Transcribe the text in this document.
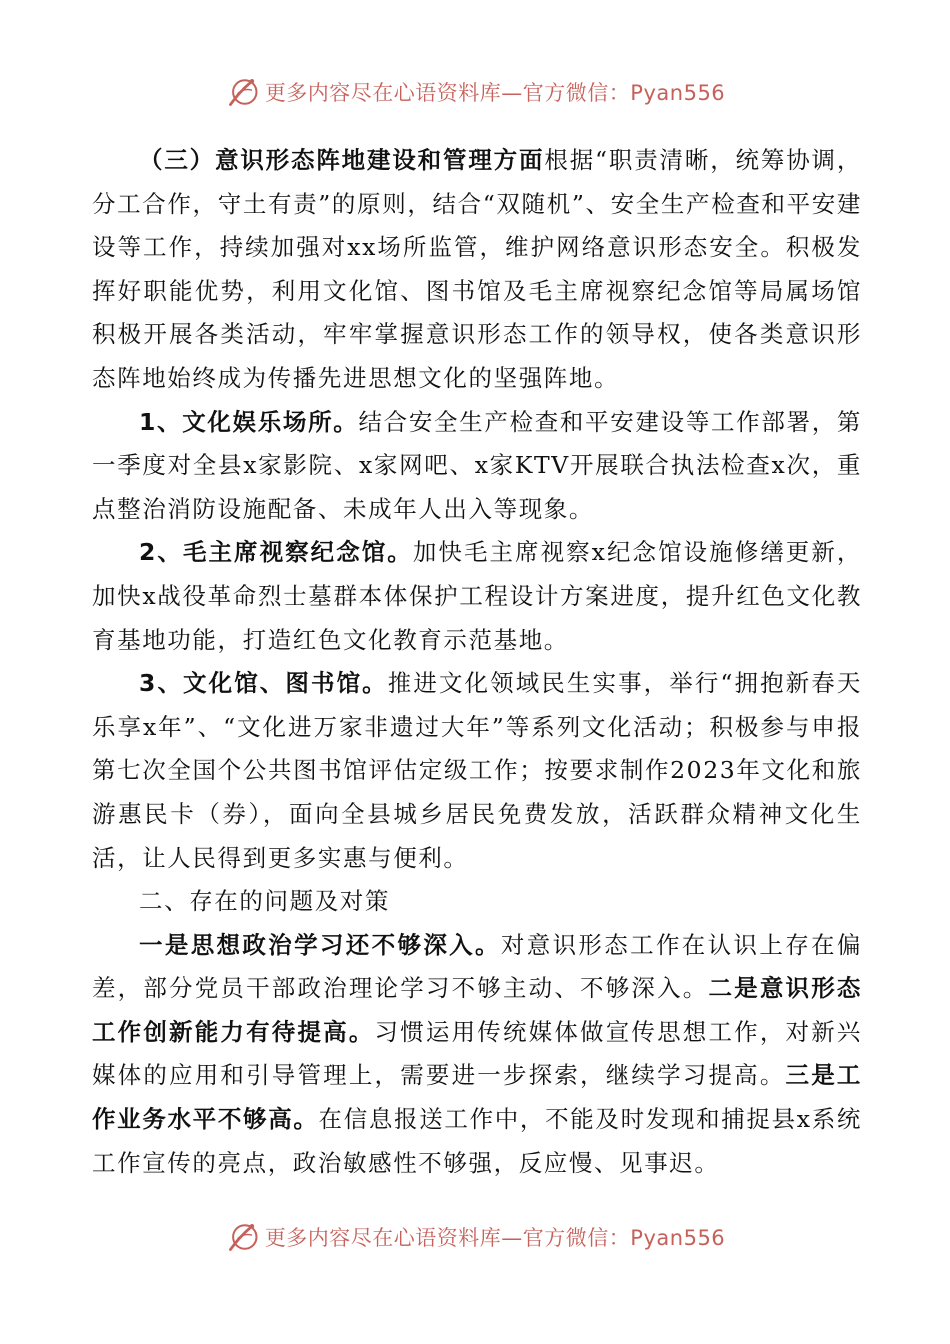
更多内容尽在心语资料库—官方微信：Pyan556

（三）意识形态阵地建设和管理方面根据“职责清晰，统筹协调，分工合作，守土有责”的原则，结合“双随机”、安全生产检查和平安建设等工作，持续加强对xx场所监管，维护网络意识形态安全。积极发挥好职能优势，利用文化馆、图书馆及毛主席视察纪念馆等局属场馆积极开展各类活动，牢牢掌握意识形态工作的领导权，使各类意识形态阵地始终成为传播先进思想文化的坚强阵地。

1、文化娱乐场所。结合安全生产检查和平安建设等工作部署，第一季度对全县x家影院、x家网吧、x家KTV开展联合执法检查x次，重点整治消防设施配备、未成年人出入等现象。

2、毛主席视察纪念馆。加快毛主席视察x纪念馆设施修缮更新，加快x战役革命烈士墓群本体保护工程设计方案进度，提升红色文化教育基地功能，打造红色文化教育示范基地。

3、文化馆、图书馆。推进文化领域民生实事，举行“拥抱新春天乐享x年”、“文化进万家非遗过大年”等系列文化活动；积极参与申报第七次全国个公共图书馆评估定级工作；按要求制作2023年文化和旅游惠民卡（券），面向全县城乡居民免费发放，活跃群众精神文化生活，让人民得到更多实惠与便利。

二、存在的问题及对策

一是思想政治学习还不够深入。对意识形态工作在认识上存在偏差，部分党员干部政治理论学习不够主动、不够深入。二是意识形态工作创新能力有待提高。习惯运用传统媒体做宣传思想工作，对新兴媒体的应用和引导管理上，需要进一步探索，继续学习提高。三是工作业务水平不够高。在信息报送工作中，不能及时发现和捕捉县x系统工作宣传的亮点，政治敏感性不够强，反应慢、见事迟。

更多内容尽在心语资料库—官方微信：Pyan556
